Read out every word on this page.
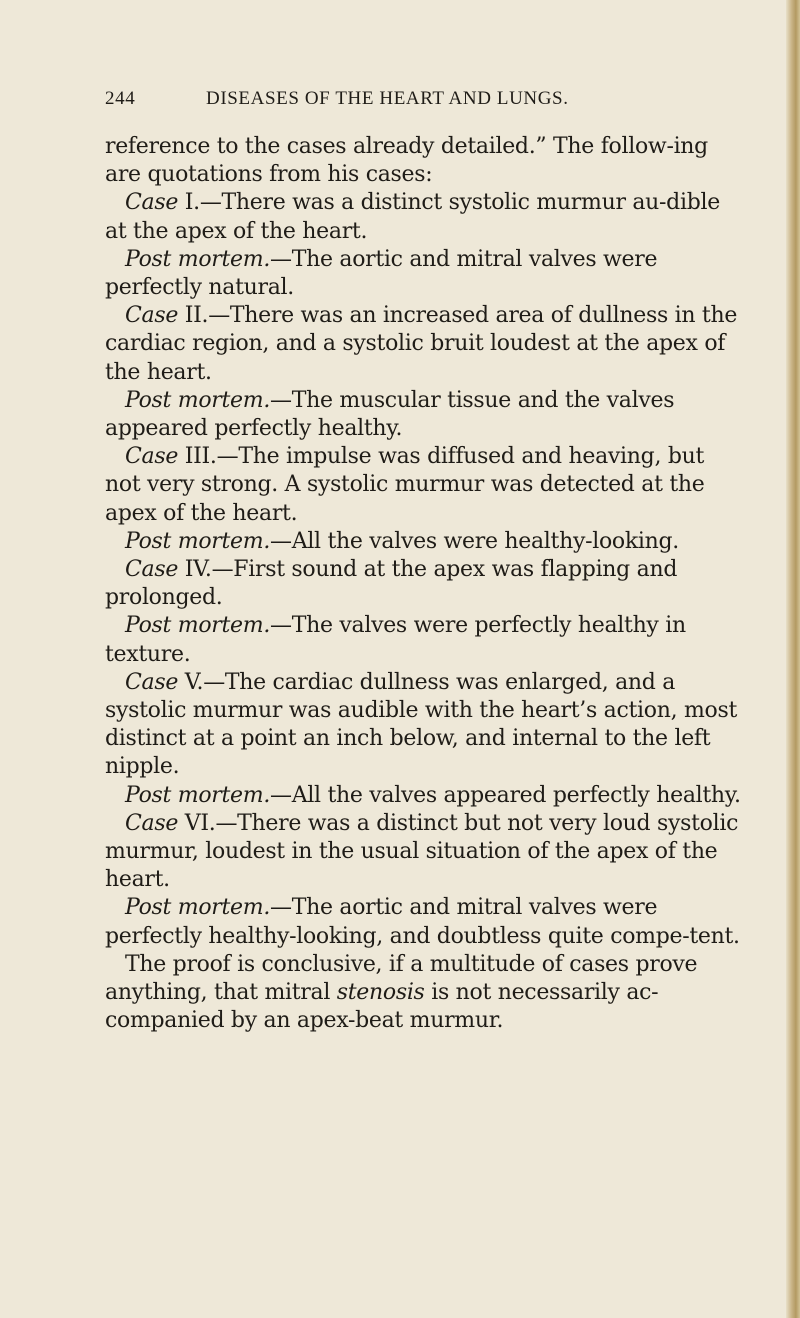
244	DISEASES OF THE HEART AND LUNGS.

reference to the cases already detailed.” The follow-ing are quotations from his cases:

Case I.—There was a distinct systolic murmur au-dible at the apex of the heart.

Post mortem.—The aortic and mitral valves were perfectly natural.

Case II.—There was an increased area of dullness in the cardiac region, and a systolic bruit loudest at the apex of the heart.

Post mortem.—The muscular tissue and the valves appeared perfectly healthy.

Case III.—The impulse was diffused and heaving, but not very strong. A systolic murmur was detected at the apex of the heart.

Post mortem.—All the valves were healthy-looking.

Case IV.—First sound at the apex was flapping and prolonged.

Post mortem.—The valves were perfectly healthy in texture.

Case V.—The cardiac dullness was enlarged, and a systolic murmur was audible with the heart’s action, most distinct at a point an inch below, and internal to the left nipple.

Post mortem.—All the valves appeared perfectly healthy.

Case VI.—There was a distinct but not very loud systolic murmur, loudest in the usual situation of the apex of the heart.

Post mortem.—The aortic and mitral valves were perfectly healthy-looking, and doubtless quite compe-tent.

The proof is conclusive, if a multitude of cases prove anything, that mitral stenosis is not necessarily ac-companied by an apex-beat murmur.
